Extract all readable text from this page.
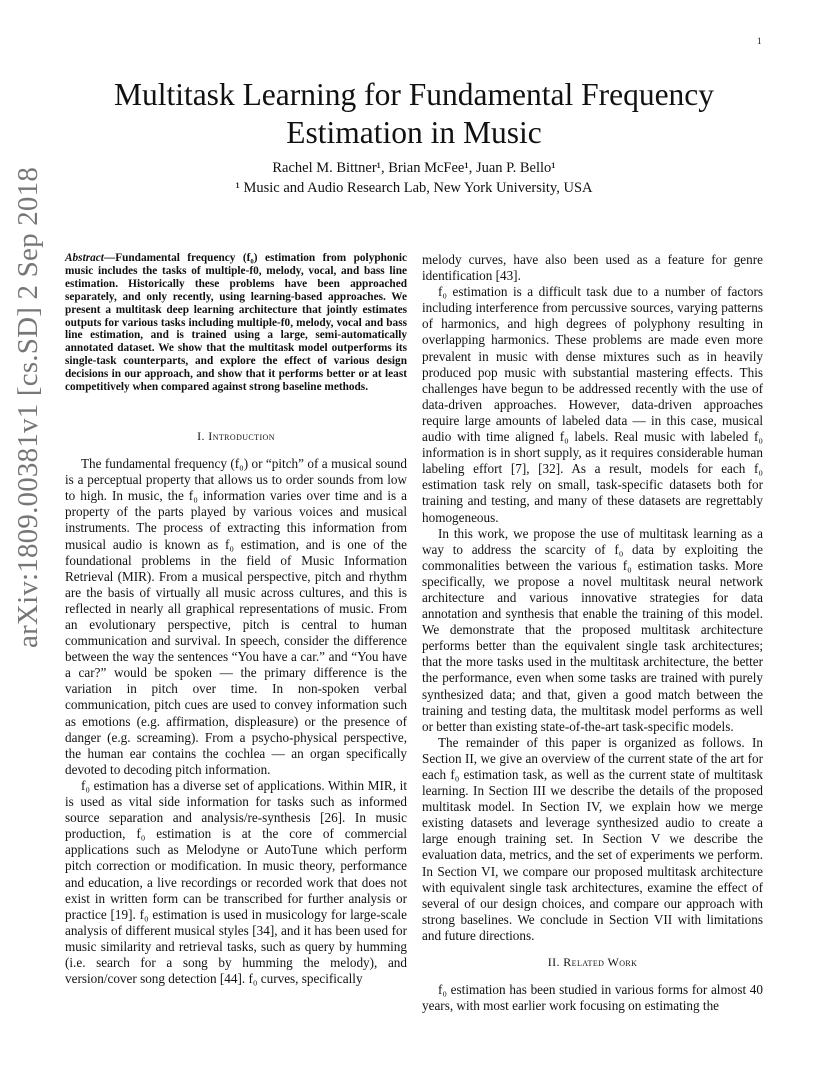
1
arXiv:1809.00381v1 [cs.SD] 2 Sep 2018
Multitask Learning for Fundamental Frequency
Estimation in Music
Rachel M. Bittner¹, Brian McFee¹, Juan P. Bello¹
¹ Music and Audio Research Lab, New York University, USA
Abstract—Fundamental frequency (f₀) estimation from polyphonic music includes the tasks of multiple-f0, melody, vocal, and bass line estimation. Historically these problems have been approached separately, and only recently, using learning-based approaches. We present a multitask deep learning architecture that jointly estimates outputs for various tasks including multiple-f0, melody, vocal and bass line estimation, and is trained using a large, semi-automatically annotated dataset. We show that the multitask model outperforms its single-task counterparts, and explore the effect of various design decisions in our approach, and show that it performs better or at least competitively when compared against strong baseline methods.
I. Introduction

The fundamental frequency (f₀) or “pitch” of a musical sound is a perceptual property that allows us to order sounds from low to high. In music, the f₀ information varies over time and is a property of the parts played by various voices and musical instruments. The process of extracting this information from musical audio is known as f₀ estimation, and is one of the foundational problems in the field of Music Information Retrieval (MIR). From a musical perspective, pitch and rhythm are the basis of virtually all music across cultures, and this is reflected in nearly all graphical representations of music. From an evolutionary perspective, pitch is central to human communication and survival. In speech, consider the difference between the way the sentences “You have a car.” and “You have a car?” would be spoken — the primary difference is the variation in pitch over time. In non-spoken verbal communication, pitch cues are used to convey information such as emotions (e.g. affirmation, displeasure) or the presence of danger (e.g. screaming). From a psycho-physical perspective, the human ear contains the cochlea — an organ specifically devoted to decoding pitch information.

f₀ estimation has a diverse set of applications. Within MIR, it is used as vital side information for tasks such as informed source separation and analysis/re-synthesis [26]. In music production, f₀ estimation is at the core of commercial applications such as Melodyne or AutoTune which perform pitch correction or modification. In music theory, performance and education, a live recordings or recorded work that does not exist in written form can be transcribed for further analysis or practice [19]. f₀ estimation is used in musicology for large-scale analysis of different musical styles [34], and it has been used for music similarity and retrieval tasks, such as query by humming (i.e. search for a song by humming the melody), and version/cover song detection [44]. f₀ curves, specifically

melody curves, have also been used as a feature for genre identification [43].

f₀ estimation is a difficult task due to a number of factors including interference from percussive sources, varying patterns of harmonics, and high degrees of polyphony resulting in overlapping harmonics. These problems are made even more prevalent in music with dense mixtures such as in heavily produced pop music with substantial mastering effects. This challenges have begun to be addressed recently with the use of data-driven approaches. However, data-driven approaches require large amounts of labeled data — in this case, musical audio with time aligned f₀ labels. Real music with labeled f₀ information is in short supply, as it requires considerable human labeling effort [7], [32]. As a result, models for each f₀ estimation task rely on small, task-specific datasets both for training and testing, and many of these datasets are regrettably homogeneous.

In this work, we propose the use of multitask learning as a way to address the scarcity of f₀ data by exploiting the commonalities between the various f₀ estimation tasks. More specifically, we propose a novel multitask neural network architecture and various innovative strategies for data annotation and synthesis that enable the training of this model. We demonstrate that the proposed multitask architecture performs better than the equivalent single task architectures; that the more tasks used in the multitask architecture, the better the performance, even when some tasks are trained with purely synthesized data; and that, given a good match between the training and testing data, the multitask model performs as well or better than existing state-of-the-art task-specific models.

The remainder of this paper is organized as follows. In Section II, we give an overview of the current state of the art for each f₀ estimation task, as well as the current state of multitask learning. In Section III we describe the details of the proposed multitask model. In Section IV, we explain how we merge existing datasets and leverage synthesized audio to create a large enough training set. In Section V we describe the evaluation data, metrics, and the set of experiments we perform. In Section VI, we compare our proposed multitask architecture with equivalent single task architectures, examine the effect of several of our design choices, and compare our approach with strong baselines. We conclude in Section VII with limitations and future directions.

II. Related Work

f₀ estimation has been studied in various forms for almost 40 years, with most earlier work focusing on estimating the
